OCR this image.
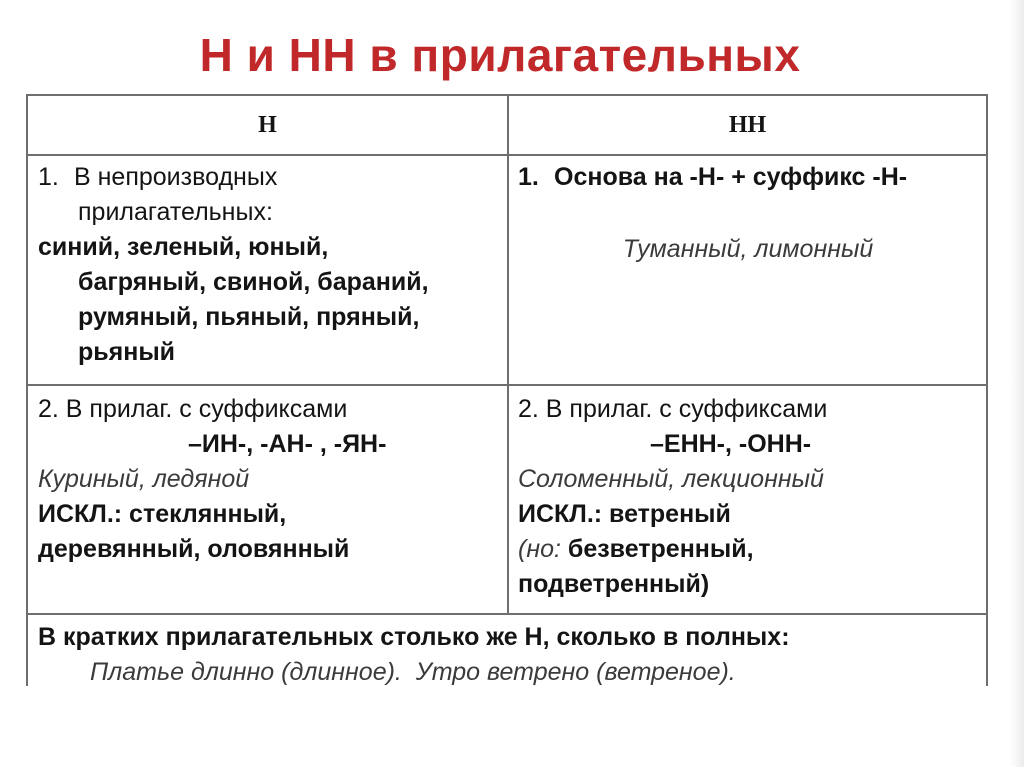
Н и НН в прилагательных
Н	НН
1. В непроизводных
прилагательных:
синий, зеленый, юный,
багряный, свиной, бараний,
румяный, пьяный, пряный,
рьяный
1. Основа на -Н- + суффикс -Н-
Туманный, лимонный
2. В прилаг. с суффиксами
–ИН-, -АН- , -ЯН-
Куриный, ледяной
ИСКЛ.: стеклянный,
деревянный, оловянный
2. В прилаг. с суффиксами
–ЕНН-, -ОНН-
Соломенный, лекционный
ИСКЛ.: ветреный
(но: безветренный,
подветренный)
В кратких прилагательных столько же Н, сколько в полных:
Платье длинно (длинное).  Утро ветрено (ветреное).
